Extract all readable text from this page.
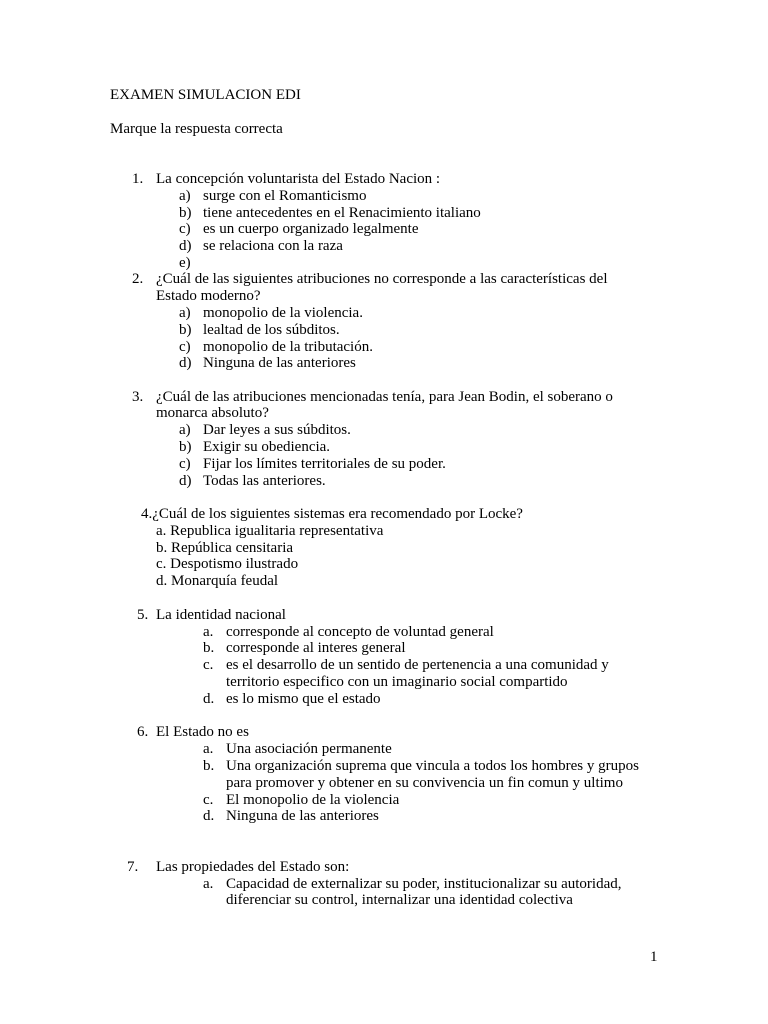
EXAMEN SIMULACION EDI
Marque la respuesta correcta
1. La concepción voluntarista del Estado Nacion :
a) surge con el Romanticismo
b) tiene antecedentes en el Renacimiento italiano
c) es un cuerpo organizado legalmente
d) se relaciona con la raza
e)
2. ¿Cuál de las siguientes atribuciones no corresponde a las características del
Estado moderno?
a) monopolio de la violencia.
b) lealtad de los súbditos.
c) monopolio de la tributación.
d) Ninguna de las anteriores
3. ¿Cuál de las atribuciones mencionadas tenía, para Jean Bodin, el soberano o
monarca absoluto?
a) Dar leyes a sus súbditos.
b) Exigir su obediencia.
c) Fijar los límites territoriales de su poder.
d) Todas las anteriores.
4.¿Cuál de los siguientes sistemas era recomendado por Locke?
a. Republica igualitaria representativa
b. República censitaria
c. Despotismo ilustrado
d. Monarquía feudal
5. La identidad nacional
a. corresponde al concepto de voluntad general
b. corresponde al interes general
c. es el desarrollo de un sentido de pertenencia a una comunidad y
territorio especifico con un imaginario social compartido
d. es lo mismo que el estado
6. El Estado no es
a. Una asociación permanente
b. Una organización suprema que vincula a todos los hombres y grupos
para promover y obtener en su convivencia un fin comun y ultimo
c. El monopolio de la violencia
d. Ninguna de las anteriores
7. Las propiedades del Estado son:
a. Capacidad de externalizar su poder, institucionalizar su autoridad,
diferenciar su control, internalizar una identidad colectiva
1
